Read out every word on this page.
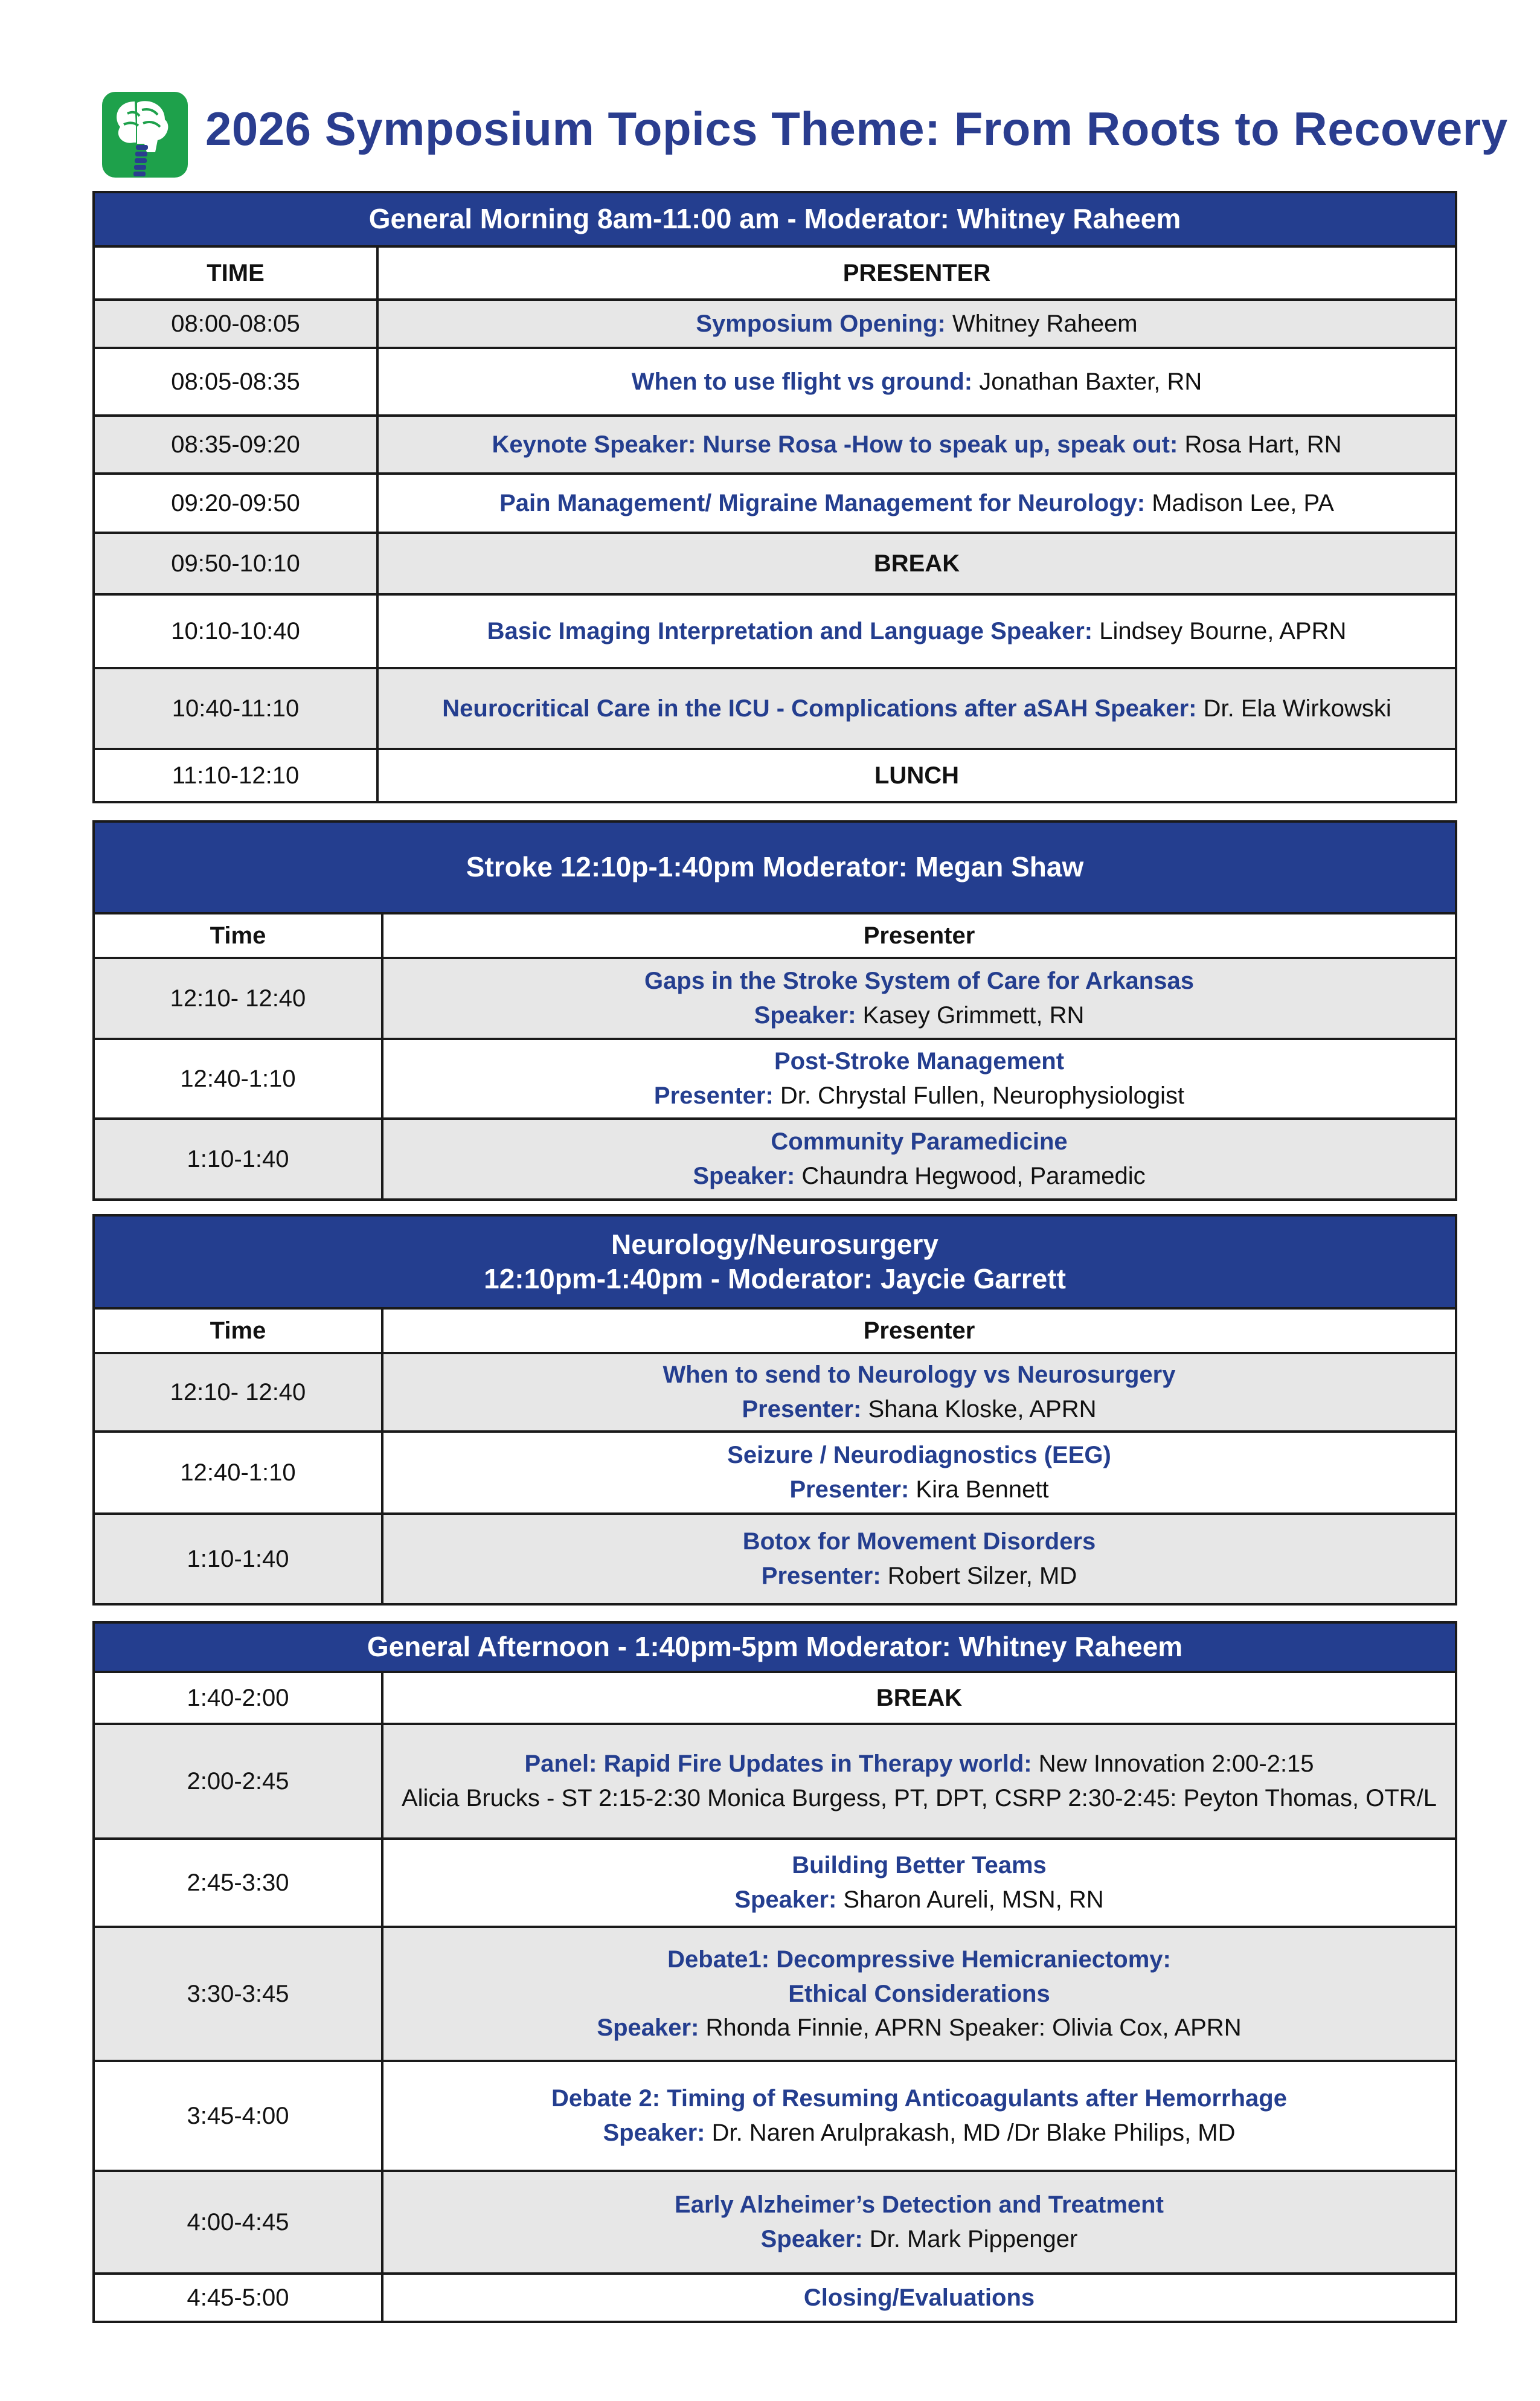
2026 Symposium Topics Theme: From Roots to Recovery
General Morning 8am-11:00 am - Moderator: Whitney Raheem
TIME	PRESENTER
08:00-08:05	Symposium Opening: Whitney Raheem
08:05-08:35	When to use flight vs ground: Jonathan Baxter, RN
08:35-09:20	Keynote Speaker: Nurse Rosa -How to speak up, speak out: Rosa Hart, RN
09:20-09:50	Pain Management/ Migraine Management for Neurology: Madison Lee, PA
09:50-10:10	BREAK
10:10-10:40	Basic Imaging Interpretation and Language Speaker: Lindsey Bourne, APRN
10:40-11:10	Neurocritical Care in the ICU - Complications after aSAH Speaker: Dr. Ela Wirkowski
11:10-12:10	LUNCH
Stroke 12:10p-1:40pm Moderator: Megan Shaw
Time	Presenter
12:10- 12:40	Gaps in the Stroke System of Care for Arkansas
Speaker: Kasey Grimmett, RN

12:40-1:10	Post-Stroke Management
Presenter: Dr. Chrystal Fullen, Neurophysiologist

1:10-1:40	Community Paramedicine
Speaker: Chaundra Hegwood, Paramedic
Neurology/Neurosurgery
12:10pm-1:40pm - Moderator: Jaycie Garrett
Time	Presenter
12:10- 12:40	When to send to Neurology vs Neurosurgery
Presenter: Shana Kloske, APRN

12:40-1:10	Seizure / Neurodiagnostics (EEG)
Presenter: Kira Bennett

1:10-1:40	Botox for Movement Disorders
Presenter: Robert Silzer, MD
General Afternoon - 1:40pm-5pm Moderator: Whitney Raheem
1:40-2:00	BREAK
2:00-2:45	Panel: Rapid Fire Updates in Therapy world: New Innovation 2:00-2:15
Alicia Brucks - ST 2:15-2:30 Monica Burgess, PT, DPT, CSRP 2:30-2:45: Peyton Thomas, OTR/L

2:45-3:30	Building Better Teams
Speaker: Sharon Aureli, MSN, RN

3:30-3:45	Debate1: Decompressive Hemicraniectomy:
Ethical Considerations
Speaker: Rhonda Finnie, APRN Speaker: Olivia Cox, APRN

3:45-4:00	Debate 2: Timing of Resuming Anticoagulants after Hemorrhage
Speaker: Dr. Naren Arulprakash, MD /Dr Blake Philips, MD

4:00-4:45	Early Alzheimer’s Detection and Treatment
Speaker: Dr. Mark Pippenger

4:45-5:00	Closing/Evaluations
